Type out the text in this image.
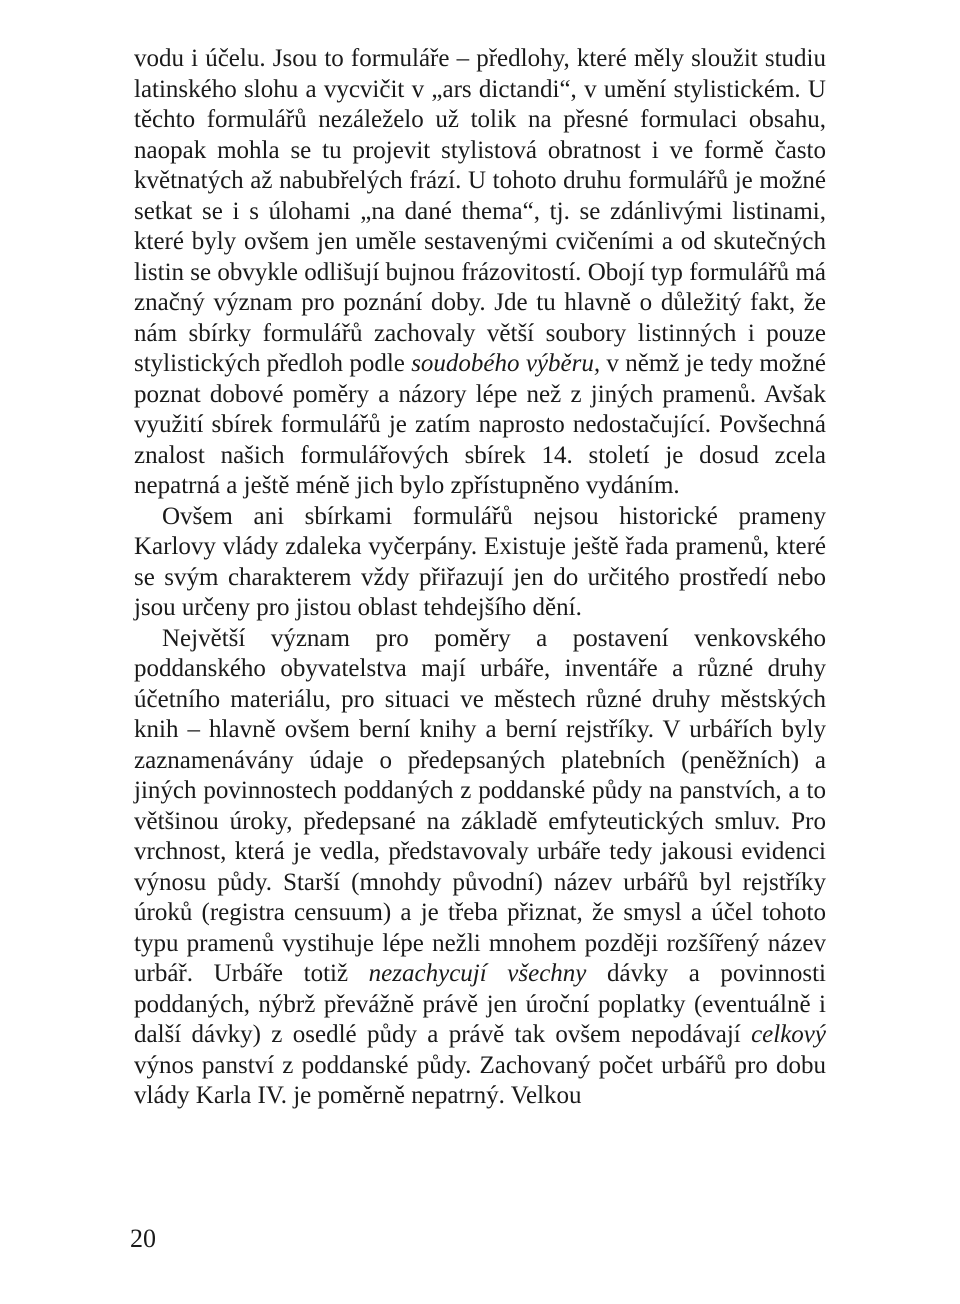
vodu i účelu. Jsou to formuláře – předlohy, které měly sloužit studiu latinského slohu a vycvičit v „ars dictandi“, v umění stylistickém. U těchto formulářů nezáleželo už tolik na přesné formulaci obsahu, naopak mohla se tu projevit stylistová obratnost i ve formě často květnatých až nabubřelých frází. U tohoto druhu formulářů je možné setkat se i s úlohami „na dané thema“, tj. se zdánlivými listinami, které byly ovšem jen uměle sestavenými cvičeními a od skutečných listin se obvykle odlišují bujnou frázovitostí. Obojí typ formulářů má značný význam pro poznání doby. Jde tu hlavně o důležitý fakt, že nám sbírky formulářů zachovaly větší soubory listinných i pouze stylistických předloh podle soudobého výběru, v němž je tedy možné poznat dobové poměry a názory lépe než z jiných pramenů. Avšak využití sbírek formulářů je zatím naprosto nedostačující. Povšechná znalost našich formulářových sbírek 14. století je dosud zcela nepatrná a ještě méně jich bylo zpřístupněno vydáním.

Ovšem ani sbírkami formulářů nejsou historické prameny Karlovy vlády zdaleka vyčerpány. Existuje ještě řada pramenů, které se svým charakterem vždy přiřazují jen do určitého prostředí nebo jsou určeny pro jistou oblast tehdejšího dění.

Největší význam pro poměry a postavení venkovského poddanského obyvatelstva mají urbáře, inventáře a různé druhy účetního materiálu, pro situaci ve městech různé druhy městských knih – hlavně ovšem berní knihy a berní rejstříky. V urbářích byly zaznamenávány údaje o předepsaných platebních (peněžních) a jiných povinnostech poddaných z poddanské půdy na panstvích, a to většinou úroky, předepsané na základě emfyteutických smluv. Pro vrchnost, která je vedla, představovaly urbáře tedy jakousi evidenci výnosu půdy. Starší (mnohdy původní) název urbářů byl rejstříky úroků (registra censuum) a je třeba přiznat, že smysl a účel tohoto typu pramenů vystihuje lépe nežli mnohem později rozšířený název urbář. Urbáře totiž nezachycují všechny dávky a povinnosti poddaných, nýbrž převážně právě jen úroční poplatky (eventuálně i další dávky) z osedlé půdy a právě tak ovšem nepodávají celkový výnos panství z poddanské půdy. Zachovaný počet urbářů pro dobu vlády Karla IV. je poměrně nepatrný. Velkou

20
